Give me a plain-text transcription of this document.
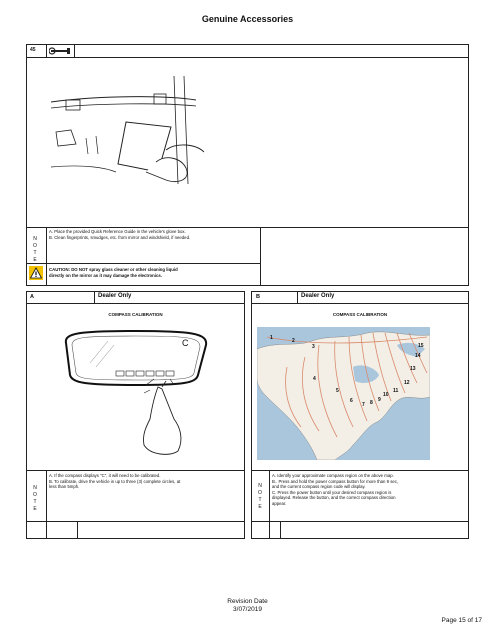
Genuine Accessories
45
N
O
T
E
A. Place the provided Quick Reference Guide in the vehicle's glove box.
B. Clean fingerprints, smudges, etc. from mirror and windshield, if needed.
CAUTION: DO NOT spray glass cleaner or other cleaning liquid
directly on the mirror as it may damage the electronics.
A	Dealer Only
COMPASS CALIBRATION
C
N
O
T
E
A. If the compass displays "C", it will need to be calibrated.
B. To calibrate, drive the vehicle in up to three (3) complete circles, at
less than 5mph.
B	Dealer Only
COMPASS CALIBRATION
3
4
5
6
7 8 9
10
11
12
13
14
15
1	2
N
O
T
E
A. Identify your approximate compass region on the above map.
B.. Press and hold the power compass button for more than 9 sec,
and the current compass region code will display.
C. Press the power button until your desired compass region is
displayed. Release the button, and the correct compass direction
appear.
Revision Date
3/07/2019
Page 15 of 17
